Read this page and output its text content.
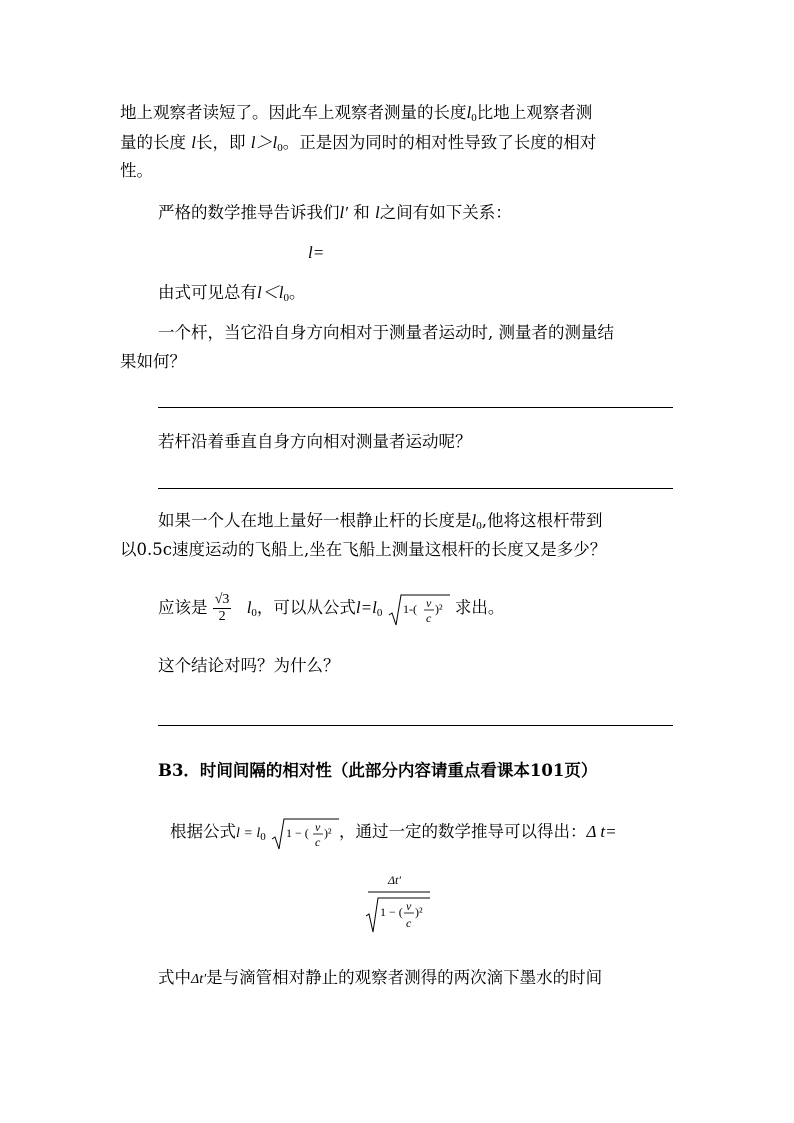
地上观察者读短了。因此车上观察者测量的长度$l_0$比地上观察者测
量的长度 l长，即 $l>l_0$。正是因为同时的相对性导致了长度的相对
性。
严格的数学推导告诉我们l′ 和 l之间有如下关系：
l=
由式可见总有$l<l_0$。
一个杆，当它沿自身方向相对于测量者运动时, 测量者的测量结
果如何？
若杆沿着垂直自身方向相对测量者运动呢？
如果一个人在地上量好一根静止杆的长度是$l_0$,他将这根杆带到
以0.5c速度运动的飞船上,坐在飞船上测量这根杆的长度又是多少？
应该是 $\frac{√3}{2} l_0$，可以从公式$l=l_0$ 1-( v
c
)² 求出。
这个结论对吗？为什么？
B3．时间间隔的相对性（此部分内容请重点看课本101页）
根据公式$l = l_0$ 1 − ( v
c
)² ，通过一定的数学推导可以得出：Δ t=
Δt′
1 − ( v
c
)²
式中Δt′是与滴管相对静止的观察者测得的两次滴下墨水的时间
